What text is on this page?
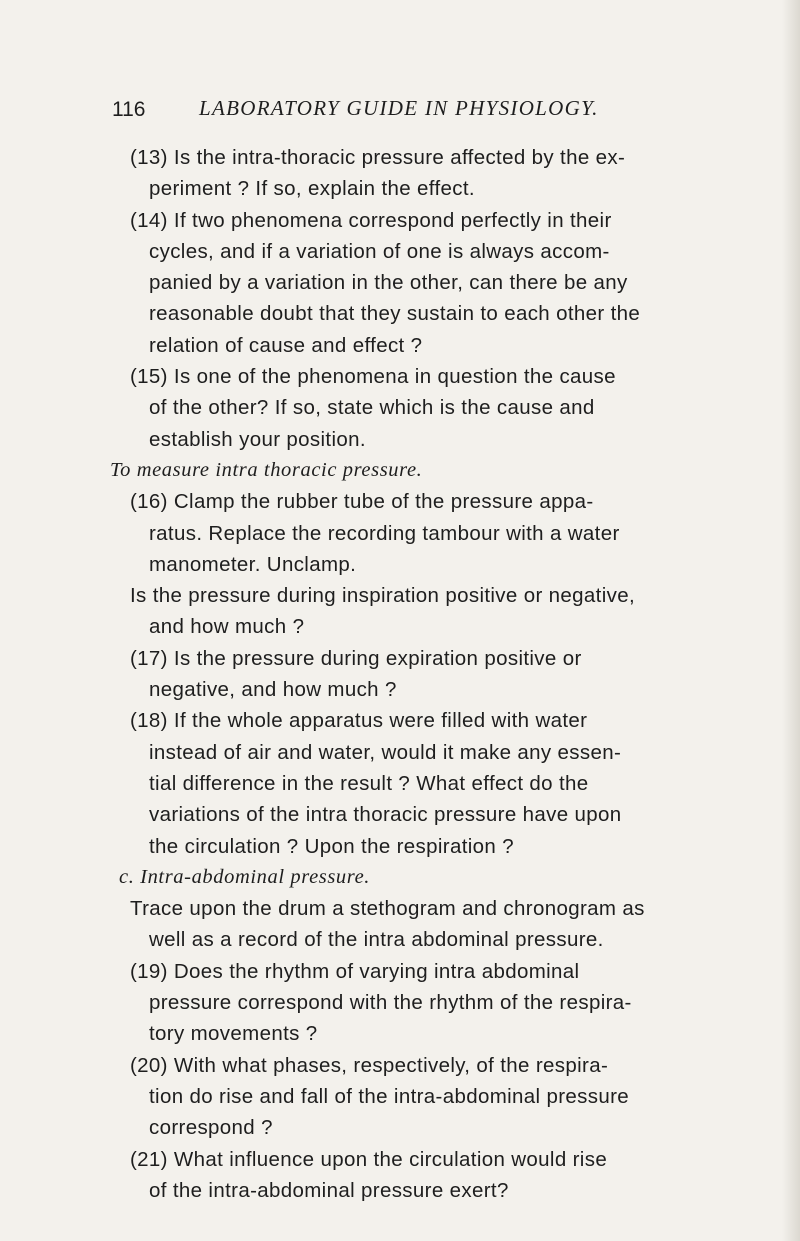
116	LABORATORY GUIDE IN PHYSIOLOGY.
(13) Is the intra-thoracic pressure affected by the ex-
periment ? If so, explain the effect.
(14) If two phenomena correspond perfectly in their
cycles, and if a variation of one is always accom-
panied by a variation in the other, can there be any
reasonable doubt that they sustain to each other the
relation of cause and effect ?
(15) Is one of the phenomena in question the cause
of the other? If so, state which is the cause and
establish your position.
To measure intra thoracic pressure.
(16) Clamp the rubber tube of the pressure appa-
ratus. Replace the recording tambour with a water
manometer. Unclamp.
Is the pressure during inspiration positive or negative,
and how much ?
(17) Is the pressure during expiration positive or
negative, and how much ?
(18) If the whole apparatus were filled with water
instead of air and water, would it make any essen-
tial difference in the result ? What effect do the
variations of the intra thoracic pressure have upon
the circulation ? Upon the respiration ?
c. Intra-abdominal pressure.
Trace upon the drum a stethogram and chronogram as
well as a record of the intra abdominal pressure.
(19) Does the rhythm of varying intra abdominal
pressure correspond with the rhythm of the respira-
tory movements ?
(20) With what phases, respectively, of the respira-
tion do rise and fall of the intra-abdominal pressure
correspond ?
(21) What influence upon the circulation would rise
of the intra-abdominal pressure exert?
